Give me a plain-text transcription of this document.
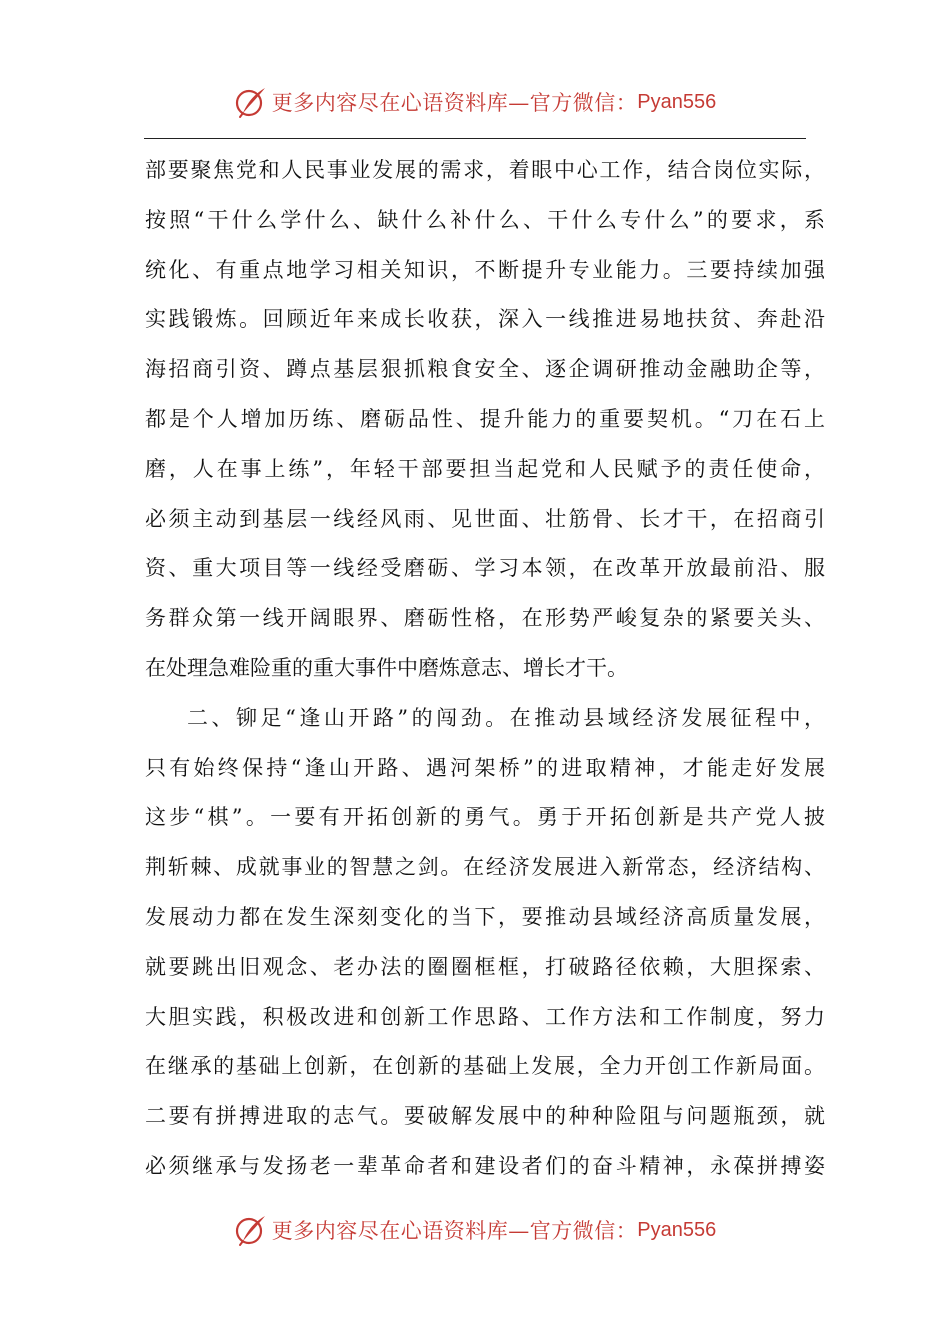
更多内容尽在心语资料库—官方微信： Pyan556
部要聚焦党和人民事业发展的需求，着眼中心工作，结合岗位实际，
按照“干什么学什么、缺什么补什么、干什么专什么”的要求，系
统化、有重点地学习相关知识，不断提升专业能力。三要持续加强
实践锻炼。回顾近年来成长收获，深入一线推进易地扶贫、奔赴沿
海招商引资、蹲点基层狠抓粮食安全、逐企调研推动金融助企等，
都是个人增加历练、磨砺品性、提升能力的重要契机。“刀在石上
磨，人在事上练”，年轻干部要担当起党和人民赋予的责任使命，
必须主动到基层一线经风雨、见世面、壮筋骨、长才干，在招商引
资、重大项目等一线经受磨砺、学习本领，在改革开放最前沿、服
务群众第一线开阔眼界、磨砺性格，在形势严峻复杂的紧要关头、
在处理急难险重的重大事件中磨炼意志、增长才干。
二、铆足“逢山开路”的闯劲。在推动县域经济发展征程中，
只有始终保持“逢山开路、遇河架桥”的进取精神，才能走好发展
这步“棋”。一要有开拓创新的勇气。勇于开拓创新是共产党人披
荆斩棘、成就事业的智慧之剑。在经济发展进入新常态，经济结构、
发展动力都在发生深刻变化的当下，要推动县域经济高质量发展，
就要跳出旧观念、老办法的圈圈框框，打破路径依赖，大胆探索、
大胆实践，积极改进和创新工作思路、工作方法和工作制度，努力
在继承的基础上创新，在创新的基础上发展，全力开创工作新局面。
二要有拼搏进取的志气。要破解发展中的种种险阻与问题瓶颈，就
必须继承与发扬老一辈革命者和建设者们的奋斗精神，永葆拼搏姿
更多内容尽在心语资料库—官方微信： Pyan556
